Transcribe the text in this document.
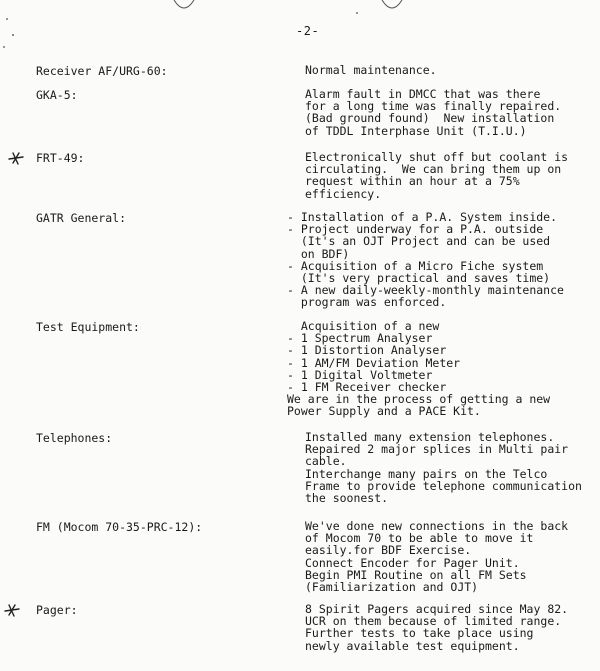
-2-
Receiver AF/URG-60:	Normal maintenance.
GKA-5:	Alarm fault in DMCC that was there
for a long time was finally repaired.
(Bad ground found)  New installation
of TDDL Interphase Unit (T.I.U.)
FRT-49:	Electronically shut off but coolant is
circulating.  We can bring them up on
request within an hour at a 75%
efficiency.
GATR General:	- Installation of a P.A. System inside.
- Project underway for a P.A. outside
(It's an OJT Project and can be used
on BDF)
- Acquisition of a Micro Fiche system
(It's very practical and saves time)
- A new daily-weekly-monthly maintenance
program was enforced.
Test Equipment:	Acquisition of a new
- 1 Spectrum Analyser
- 1 Distortion Analyser
- 1 AM/FM Deviation Meter
- 1 Digital Voltmeter
- 1 FM Receiver checker
We are in the process of getting a new
Power Supply and a PACE Kit.
Telephones:	Installed many extension telephones.
Repaired 2 major splices in Multi pair
cable.
Interchange many pairs on the Telco
Frame to provide telephone communication
the soonest.
FM (Mocom 70-35-PRC-12):	We've done new connections in the back
of Mocom 70 to be able to move it
easily.for BDF Exercise.
Connect Encoder for Pager Unit.
Begin PMI Routine on all FM Sets
(Familiarization and OJT)
Pager:	8 Spirit Pagers acquired since May 82.
UCR on them because of limited range.
Further tests to take place using
newly available test equipment.
